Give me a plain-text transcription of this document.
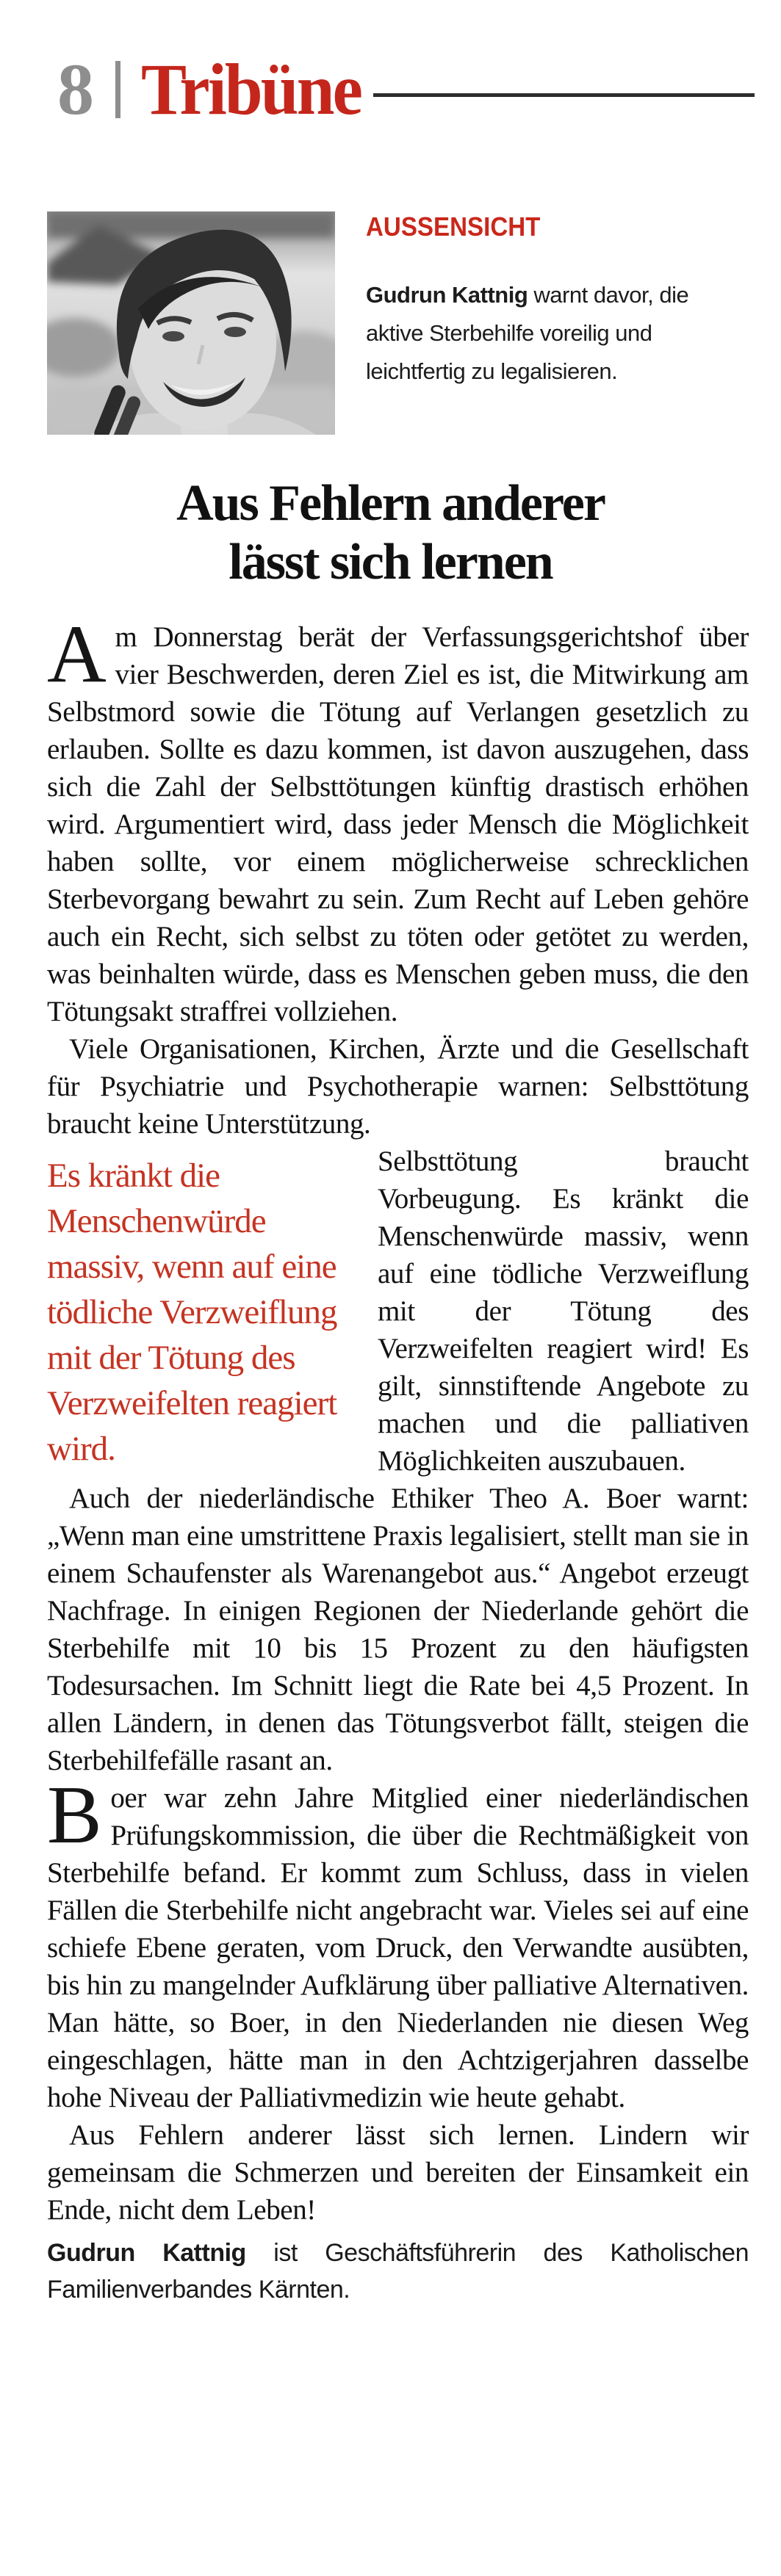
8 Tribüne
AUSSENSICHT

Gudrun Kattnig warnt davor, die aktive Sterbehilfe voreilig und leichtfertig zu legalisieren.

Aus Fehlern anderer
lässt sich lernen

Am Donnerstag berät der Verfassungsgerichtshof über vier Beschwerden, deren Ziel es ist, die Mitwirkung am Selbstmord sowie die Tötung auf Verlangen gesetzlich zu erlauben. Sollte es dazu kommen, ist davon auszugehen, dass sich die Zahl der Selbsttötungen künftig drastisch erhöhen wird. Argumentiert wird, dass jeder Mensch die Möglichkeit haben sollte, vor einem möglicherweise schrecklichen Sterbevorgang bewahrt zu sein. Zum Recht auf Leben gehöre auch ein Recht, sich selbst zu töten oder getötet zu werden, was beinhalten würde, dass es Menschen geben muss, die den Tötungsakt straffrei vollziehen.

Viele Organisationen, Kirchen, Ärzte und die Gesellschaft für Psychiatrie und Psychotherapie warnen: Selbsttötung braucht keine Unterstützung.

Es kränkt die Menschenwürde massiv, wenn auf eine tödliche Verzweiflung mit der Tötung des Verzweifelten reagiert wird.

Selbsttötung braucht Vorbeugung. Es kränkt die Menschenwürde massiv, wenn auf eine tödliche Verzweiflung mit der Tötung des Verzweifelten reagiert wird! Es gilt, sinnstiftende Angebote zu machen und die palliativen Möglichkeiten auszubauen.

Auch der niederländische Ethiker Theo A. Boer warnt: „Wenn man eine umstrittene Praxis legalisiert, stellt man sie in einem Schaufenster als Warenangebot aus.“ Angebot erzeugt Nachfrage. In einigen Regionen der Niederlande gehört die Sterbehilfe mit 10 bis 15 Prozent zu den häufigsten Todesursachen. Im Schnitt liegt die Rate bei 4,5 Prozent. In allen Ländern, in denen das Tötungsverbot fällt, steigen die Sterbehilfefälle rasant an.

Boer war zehn Jahre Mitglied einer niederländischen Prüfungskommission, die über die Rechtmäßigkeit von Sterbehilfe befand. Er kommt zum Schluss, dass in vielen Fällen die Sterbehilfe nicht angebracht war. Vieles sei auf eine schiefe Ebene geraten, vom Druck, den Verwandte ausübten, bis hin zu mangelnder Aufklärung über palliative Alternativen. Man hätte, so Boer, in den Niederlanden nie diesen Weg eingeschlagen, hätte man in den Achtzigerjahren dasselbe hohe Niveau der Palliativmedizin wie heute gehabt.

Aus Fehlern anderer lässt sich lernen. Lindern wir gemeinsam die Schmerzen und bereiten der Einsamkeit ein Ende, nicht dem Leben!

Gudrun Kattnig ist Geschäftsführerin des Katholischen Familienverbandes Kärnten.
